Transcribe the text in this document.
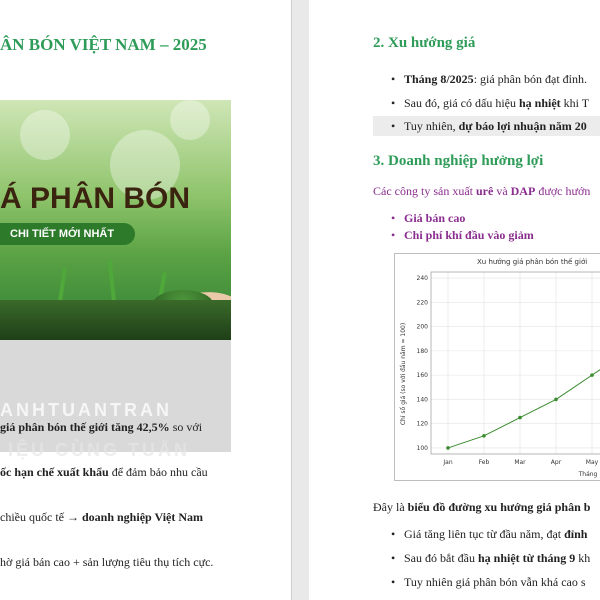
ÂN BÓN VIỆT NAM – 2025
Á PHÂN BÓN
CHI TIẾT MỚI NHẤT
ANHTUANTRAN
IỆU CÙNG TUẤN
giá phân bón thế giới tăng 42,5% so với
ốc hạn chế xuất khẩu để đảm bảo nhu cầu
chiều quốc tế → doanh nghiệp Việt Nam
hờ giá bán cao + sản lượng tiêu thụ tích cực.
2. Xu hướng giá
• Tháng 8/2025: giá phân bón đạt đỉnh.
• Sau đó, giá có dấu hiệu hạ nhiệt khi T
• Tuy nhiên, dự báo lợi nhuận năm 20
3. Doanh nghiệp hưởng lợi
Các công ty sản xuất urê và DAP được hướn
• Giá bán cao
• Chi phí khí đầu vào giảm
Xu hướng giá phân bón thế giới
100
120
140
160
180
200
220
240
Jan	Feb	Mar	Apr	May
Chỉ số giá (so với đầu năm = 100)
Tháng
Đây là biểu đồ đường xu hướng giá phân b
• Giá tăng liên tục từ đầu năm, đạt đỉnh
• Sau đó bắt đầu hạ nhiệt từ tháng 9 kh
• Tuy nhiên giá phân bón vẫn khá cao s
